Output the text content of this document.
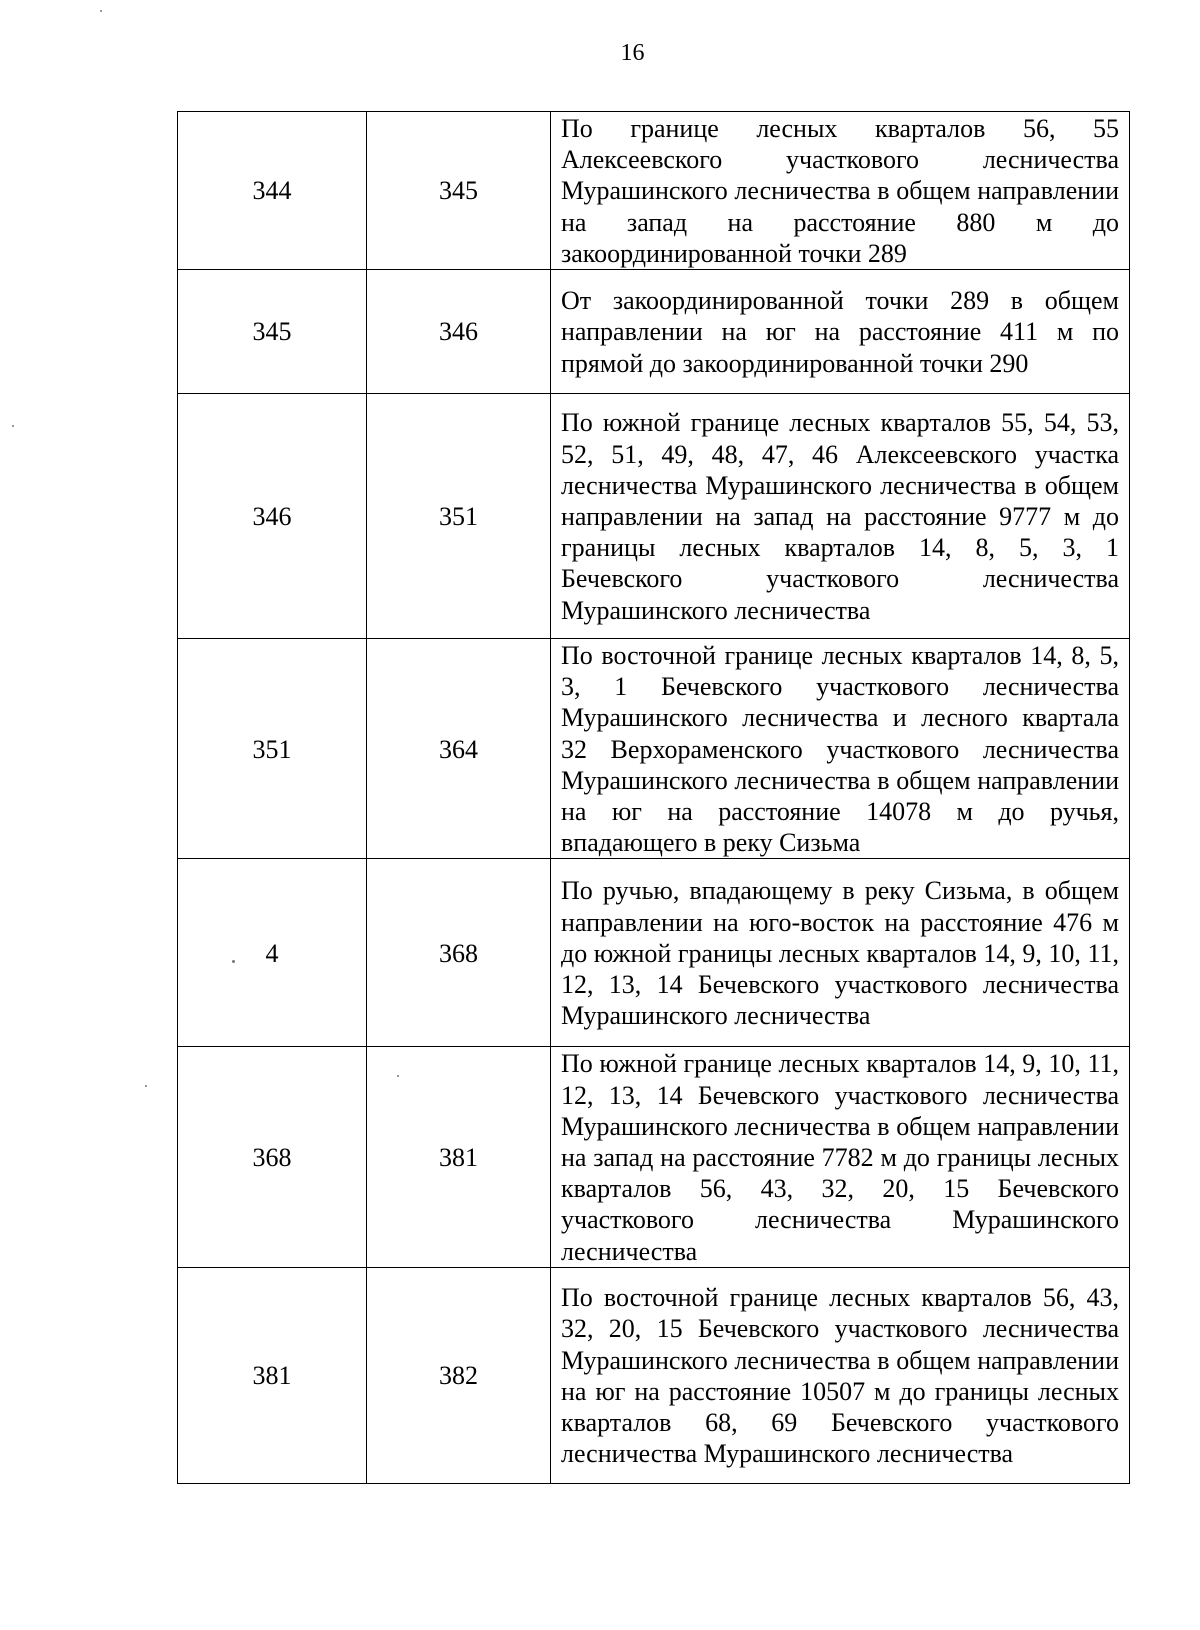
16
344	345	По границе лесных кварталов 56, 55 Алексеевского участкового лесничества Мурашинского лесничества в общем направлении на запад на расстояние 880 м до закоординированной точки 289
345	346	От закоординированной точки 289 в общем направлении на юг на расстояние 411 м по прямой до закоординированной точки 290
346	351	По южной границе лесных кварталов 55, 54, 53, 52, 51, 49, 48, 47, 46 Алексеевского участка лесничества Мурашинского лесничества в общем направлении на запад на расстояние 9777 м до границы лесных кварталов 14, 8, 5, 3, 1 Бечевского участкового лесничества Мурашинского лесничества
351	364	По восточной границе лесных кварталов 14, 8, 5, 3, 1 Бечевского участкового лесничества Мурашинского лесничества и лесного квартала 32 Верхораменского участкового лесничества Мурашинского лесничества в общем направлении на юг на расстояние 14078 м до ручья, впадающего в реку Сизьма
4	368	По ручью, впадающему в реку Сизьма, в общем направлении на юго-восток на расстояние 476 м до южной границы лесных кварталов 14, 9, 10, 11, 12, 13, 14 Бечевского участкового лесничества Мурашинского лесничества
368	381	По южной границе лесных кварталов 14, 9, 10, 11, 12, 13, 14 Бечевского участкового лесничества Мурашинского лесничества в общем направлении на запад на расстояние 7782 м до границы лесных кварталов 56, 43, 32, 20, 15 Бечевского участкового лесничества Мурашинского лесничества
381	382	По восточной границе лесных кварталов 56, 43, 32, 20, 15 Бечевского участкового лесничества Мурашинского лесничества в общем направлении на юг на расстояние 10507 м до границы лесных кварталов 68, 69 Бечевского участкового лесничества Мурашинского лесничества
